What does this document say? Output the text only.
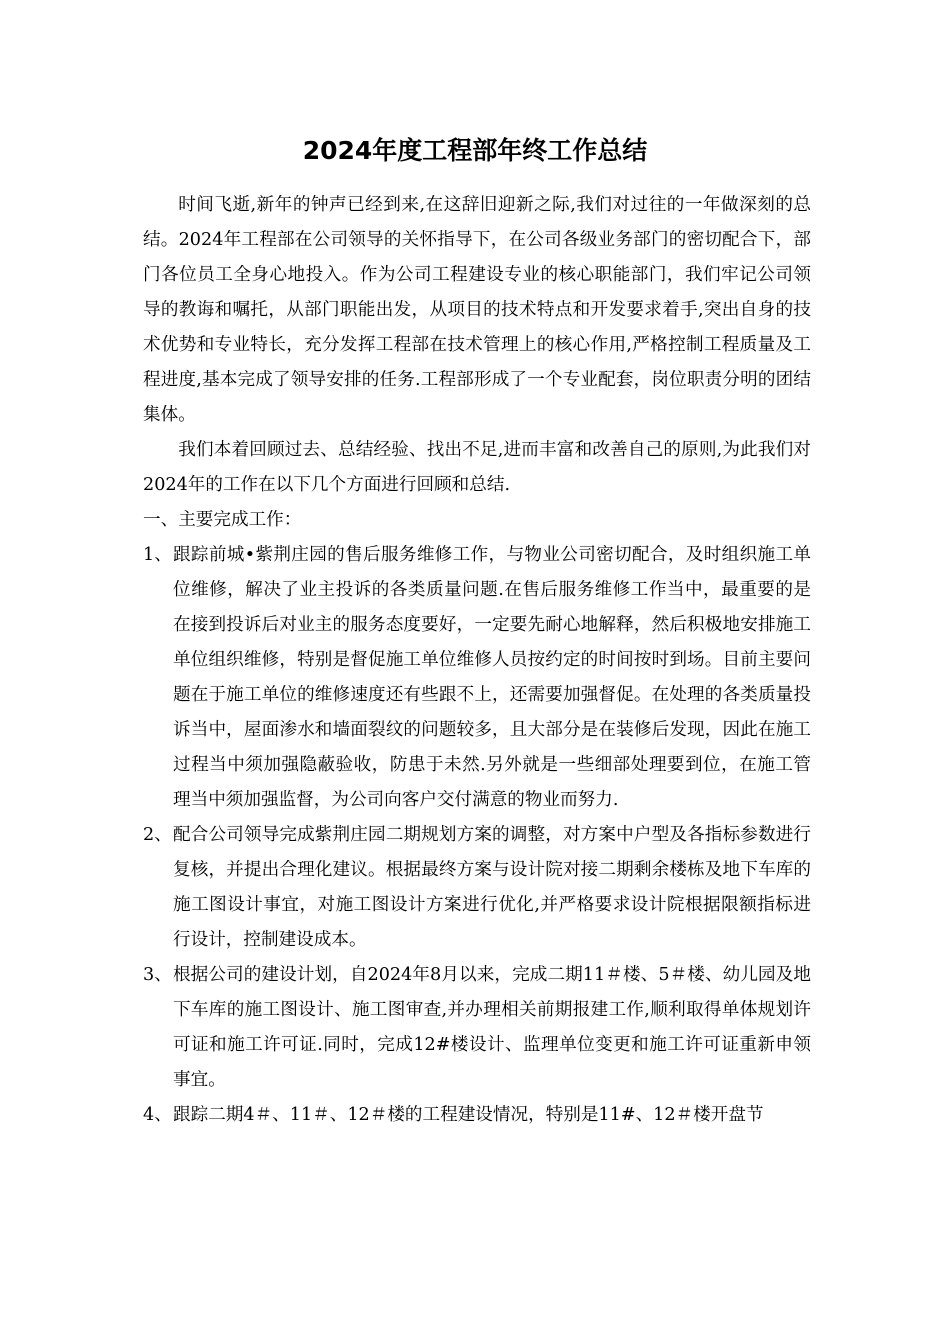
2024年度工程部年终工作总结

时间飞逝,新年的钟声已经到来,在这辞旧迎新之际,我们对过往的一年做深刻的总结。2024年工程部在公司领导的关怀指导下，在公司各级业务部门的密切配合下，部门各位员工全身心地投入。作为公司工程建设专业的核心职能部门，我们牢记公司领导的教诲和嘱托，从部门职能出发，从项目的技术特点和开发要求着手,突出自身的技术优势和专业特长，充分发挥工程部在技术管理上的核心作用,严格控制工程质量及工程进度,基本完成了领导安排的任务.工程部形成了一个专业配套，岗位职责分明的团结集体。

我们本着回顾过去、总结经验、找出不足,进而丰富和改善自己的原则,为此我们对2024年的工作在以下几个方面进行回顾和总结.

一、主要完成工作：

1、 跟踪前城•紫荆庄园的售后服务维修工作，与物业公司密切配合，及时组织施工单位维修，解决了业主投诉的各类质量问题.在售后服务维修工作当中，最重要的是在接到投诉后对业主的服务态度要好，一定要先耐心地解释，然后积极地安排施工单位组织维修，特别是督促施工单位维修人员按约定的时间按时到场。目前主要问题在于施工单位的维修速度还有些跟不上，还需要加强督促。在处理的各类质量投诉当中，屋面渗水和墙面裂纹的问题较多，且大部分是在装修后发现，因此在施工过程当中须加强隐蔽验收，防患于未然.另外就是一些细部处理要到位，在施工管理当中须加强监督，为公司向客户交付满意的物业而努力.

2、 配合公司领导完成紫荆庄园二期规划方案的调整，对方案中户型及各指标参数进行复核，并提出合理化建议。根据最终方案与设计院对接二期剩余楼栋及地下车库的施工图设计事宜，对施工图设计方案进行优化,并严格要求设计院根据限额指标进行设计，控制建设成本。

3、 根据公司的建设计划，自2024年8月以来，完成二期11＃楼、5＃楼、幼儿园及地下车库的施工图设计、施工图审查,并办理相关前期报建工作,顺利取得单体规划许可证和施工许可证.同时，完成12#楼设计、监理单位变更和施工许可证重新申领事宜。

4、 跟踪二期4＃、11＃、12＃楼的工程建设情况，特别是11#、12＃楼开盘节
